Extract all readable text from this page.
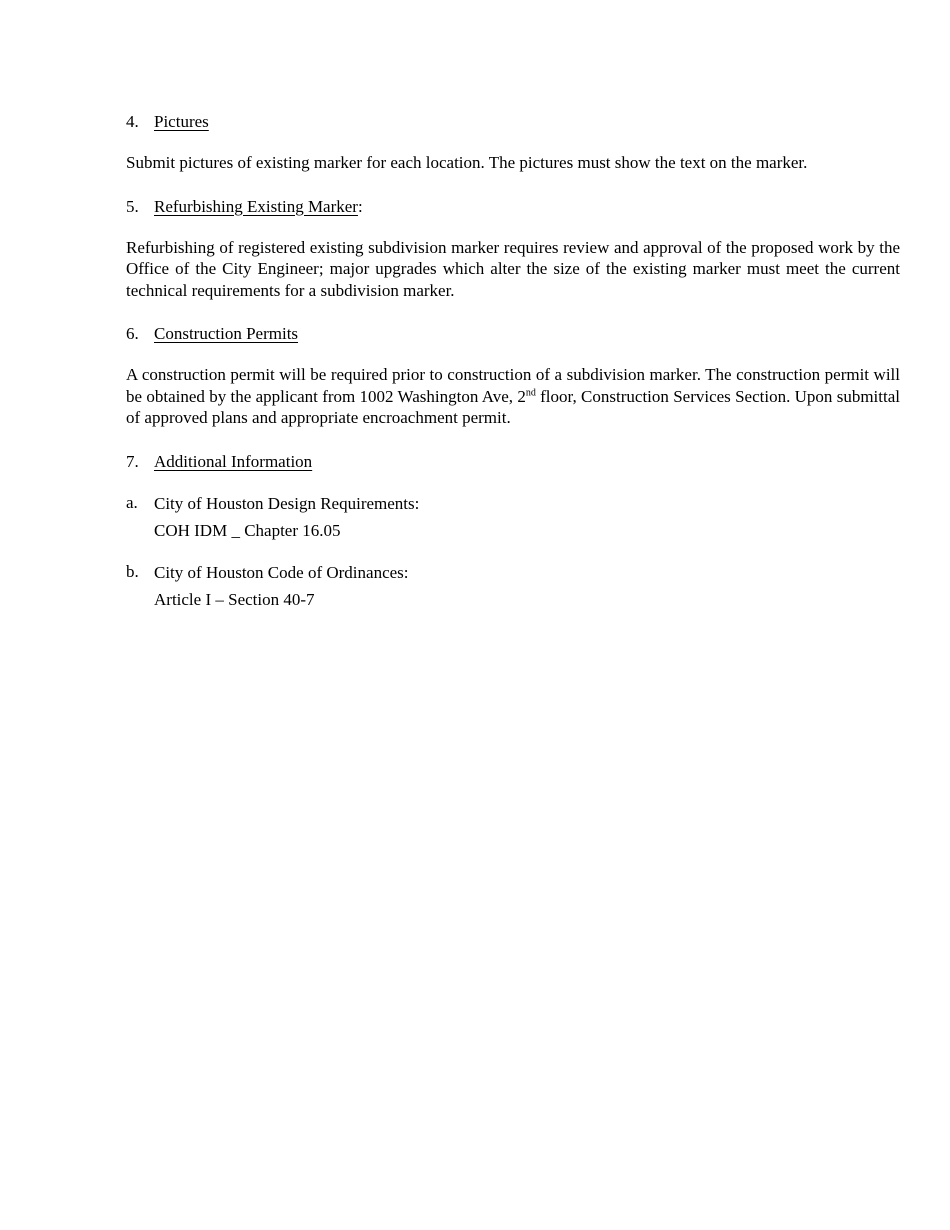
4. Pictures

Submit pictures of existing marker for each location. The pictures must show the text on the marker.

5. Refurbishing Existing Marker:

Refurbishing of registered existing subdivision marker requires review and approval of the proposed work by the Office of the City Engineer; major upgrades which alter the size of the existing marker must meet the current technical requirements for a subdivision marker.

6. Construction Permits

A construction permit will be required prior to construction of a subdivision marker. The construction permit will be obtained by the applicant from 1002 Washington Ave, 2nd floor, Construction Services Section. Upon submittal of approved plans and appropriate encroachment permit.

7. Additional Information
a. City of Houston Design Requirements:
COH IDM _ Chapter 16.05
b. City of Houston Code of Ordinances:
Article I – Section 40-7
